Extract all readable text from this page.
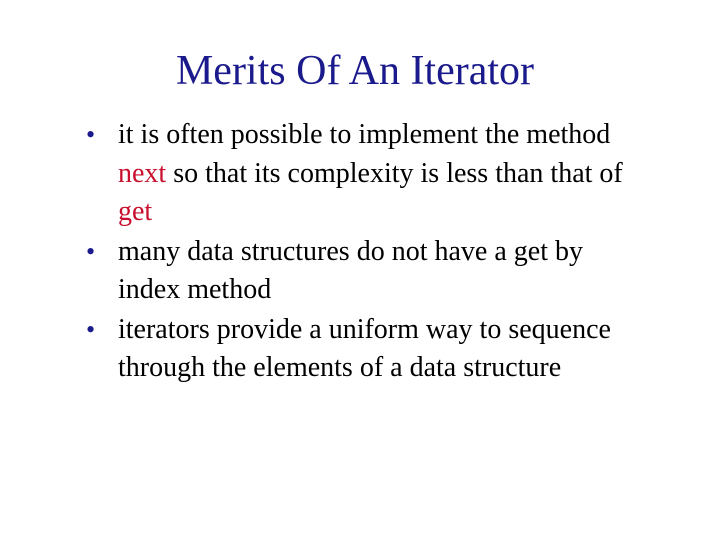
Merits Of An Iterator
• it is often possible to implement the method next so that its complexity is less than that of get
• many data structures do not have a get by index method
• iterators provide a uniform way to sequence through the elements of a data structure
